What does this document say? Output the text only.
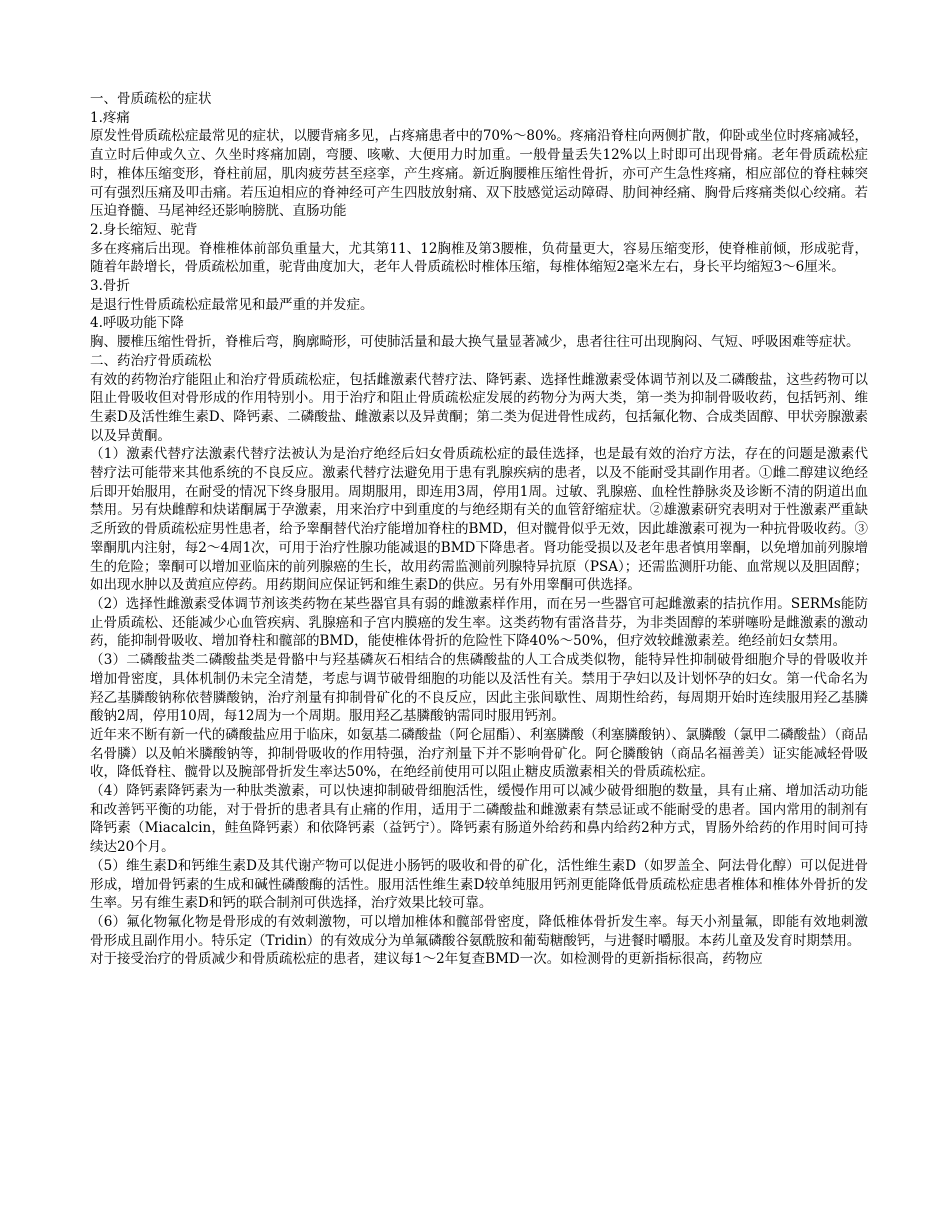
一、骨质疏松的症状

1.疼痛

原发性骨质疏松症最常见的症状，以腰背痛多见，占疼痛患者中的70%～80%。疼痛沿脊柱向两侧扩散，仰卧或坐位时疼痛减轻，直立时后伸或久立、久坐时疼痛加剧，弯腰、咳嗽、大便用力时加重。一般骨量丢失12%以上时即可出现骨痛。老年骨质疏松症时，椎体压缩变形，脊柱前屈，肌肉疲劳甚至痉挛，产生疼痛。新近胸腰椎压缩性骨折，亦可产生急性疼痛，相应部位的脊柱棘突可有强烈压痛及叩击痛。若压迫相应的脊神经可产生四肢放射痛、双下肢感觉运动障碍、肋间神经痛、胸骨后疼痛类似心绞痛。若压迫脊髓、马尾神经还影响膀胱、直肠功能

2.身长缩短、驼背

多在疼痛后出现。脊椎椎体前部负重量大，尤其第11、12胸椎及第3腰椎，负荷量更大，容易压缩变形，使脊椎前倾，形成驼背，随着年龄增长，骨质疏松加重，驼背曲度加大，老年人骨质疏松时椎体压缩，每椎体缩短2毫米左右，身长平均缩短3～6厘米。

3.骨折

是退行性骨质疏松症最常见和最严重的并发症。

4.呼吸功能下降

胸、腰椎压缩性骨折，脊椎后弯，胸廓畸形，可使肺活量和最大换气量显著减少，患者往往可出现胸闷、气短、呼吸困难等症状。

二、药治疗骨质疏松

有效的药物治疗能阻止和治疗骨质疏松症，包括雌激素代替疗法、降钙素、选择性雌激素受体调节剂以及二磷酸盐，这些药物可以阻止骨吸收但对骨形成的作用特别小。用于治疗和阻止骨质疏松症发展的药物分为两大类，第一类为抑制骨吸收药，包括钙剂、维生素D及活性维生素D、降钙素、二磷酸盐、雌激素以及异黄酮；第二类为促进骨性成药，包括氟化物、合成类固醇、甲状旁腺激素以及异黄酮。

（1）激素代替疗法激素代替疗法被认为是治疗绝经后妇女骨质疏松症的最佳选择，也是最有效的治疗方法，存在的问题是激素代替疗法可能带来其他系统的不良反应。激素代替疗法避免用于患有乳腺疾病的患者，以及不能耐受其副作用者。①雌二醇建议绝经后即开始服用，在耐受的情况下终身服用。周期服用，即连用3周，停用1周。过敏、乳腺癌、血栓性静脉炎及诊断不清的阴道出血禁用。另有炔雌醇和炔诺酮属于孕激素，用来治疗中到重度的与绝经期有关的血管舒缩症状。②雄激素研究表明对于性激素严重缺乏所致的骨质疏松症男性患者，给予睾酮替代治疗能增加脊柱的BMD，但对髋骨似乎无效，因此雄激素可视为一种抗骨吸收药。③睾酮肌内注射，每2～4周1次，可用于治疗性腺功能减退的BMD下降患者。肾功能受损以及老年患者慎用睾酮，以免增加前列腺增生的危险；睾酮可以增加亚临床的前列腺癌的生长，故用药需监测前列腺特异抗原（PSA）；还需监测肝功能、血常规以及胆固醇；如出现水肿以及黄疸应停药。用药期间应保证钙和维生素D的供应。另有外用睾酮可供选择。

（2）选择性雌激素受体调节剂该类药物在某些器官具有弱的雌激素样作用，而在另一些器官可起雌激素的拮抗作用。SERMs能防止骨质疏松、还能减少心血管疾病、乳腺癌和子宫内膜癌的发生率。这类药物有雷洛昔芬，为非类固醇的苯骈噻吩是雌激素的激动药，能抑制骨吸收、增加脊柱和髋部的BMD，能使椎体骨折的危险性下降40%～50%，但疗效较雌激素差。绝经前妇女禁用。

（3）二磷酸盐类二磷酸盐类是骨骼中与羟基磷灰石相结合的焦磷酸盐的人工合成类似物，能特异性抑制破骨细胞介导的骨吸收并增加骨密度，具体机制仍未完全清楚，考虑与调节破骨细胞的功能以及活性有关。禁用于孕妇以及计划怀孕的妇女。第一代命名为羟乙基膦酸钠称依替膦酸钠，治疗剂量有抑制骨矿化的不良反应，因此主张间歇性、周期性给药，每周期开始时连续服用羟乙基膦酸钠2周，停用10周，每12周为一个周期。服用羟乙基膦酸钠需同时服用钙剂。

近年来不断有新一代的磷酸盐应用于临床，如氨基二磷酸盐（阿仑屈酯）、利塞膦酸（利塞膦酸钠）、氯膦酸（氯甲二磷酸盐）（商品名骨膦）以及帕米膦酸钠等，抑制骨吸收的作用特强，治疗剂量下并不影响骨矿化。阿仑膦酸钠（商品名福善美）证实能减轻骨吸收，降低脊柱、髋骨以及腕部骨折发生率达50%，在绝经前使用可以阻止糖皮质激素相关的骨质疏松症。

（4）降钙素降钙素为一种肽类激素，可以快速抑制破骨细胞活性，缓慢作用可以减少破骨细胞的数量，具有止痛、增加活动功能和改善钙平衡的功能，对于骨折的患者具有止痛的作用，适用于二磷酸盐和雌激素有禁忌证或不能耐受的患者。国内常用的制剂有降钙素（Miacalcin，鲑鱼降钙素）和依降钙素（益钙宁）。降钙素有肠道外给药和鼻内给药2种方式，胃肠外给药的作用时间可持续达20个月。

（5）维生素D和钙维生素D及其代谢产物可以促进小肠钙的吸收和骨的矿化，活性维生素D（如罗盖全、阿法骨化醇）可以促进骨形成，增加骨钙素的生成和碱性磷酸酶的活性。服用活性维生素D较单纯服用钙剂更能降低骨质疏松症患者椎体和椎体外骨折的发生率。另有维生素D和钙的联合制剂可供选择，治疗效果比较可靠。

（6）氟化物氟化物是骨形成的有效刺激物，可以增加椎体和髋部骨密度，降低椎体骨折发生率。每天小剂量氟，即能有效地刺激骨形成且副作用小。特乐定（Tridin）的有效成分为单氟磷酸谷氨酰胺和葡萄糖酸钙，与进餐时嚼服。本药儿童及发育时期禁用。

对于接受治疗的骨质减少和骨质疏松症的患者，建议每1～2年复查BMD一次。如检测骨的更新指标很高，药物应
